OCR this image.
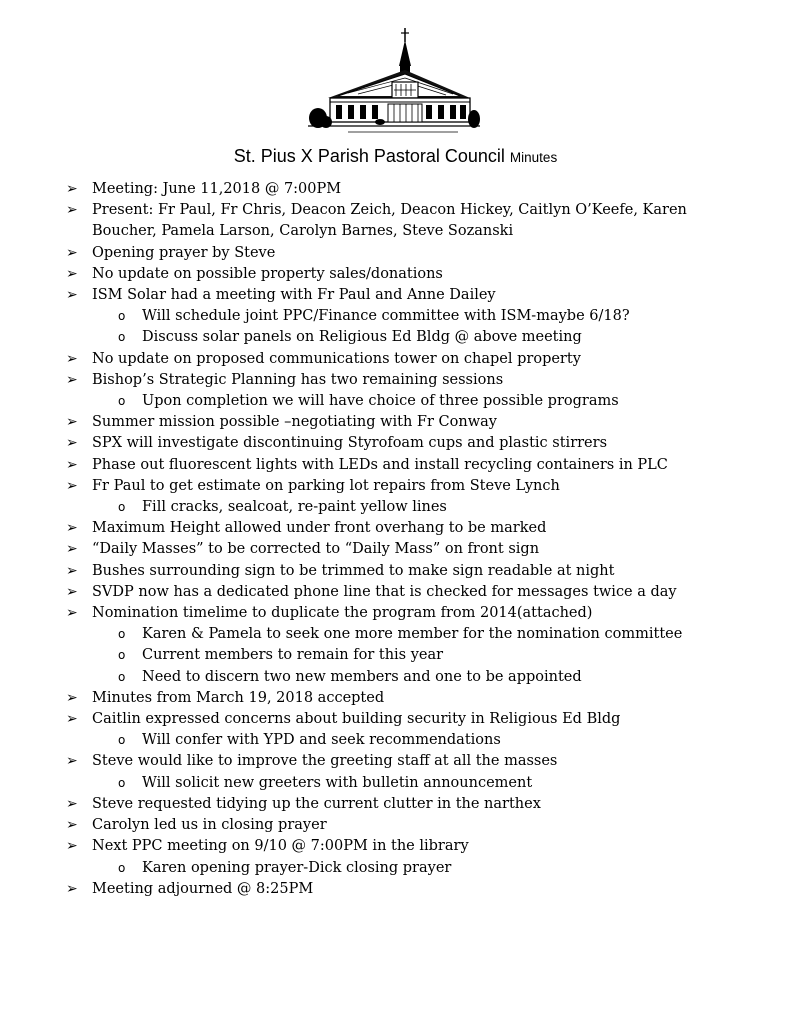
St. Pius X Parish Pastoral Council Minutes
➢ Meeting: June 11,2018 @ 7:00PM
➢ Present: Fr Paul, Fr Chris, Deacon Zeich, Deacon Hickey, Caitlyn O’Keefe, Karen Boucher, Pamela Larson, Carolyn Barnes, Steve Sozanski
➢ Opening prayer by Steve
➢ No update on possible property sales/donations
➢ ISM Solar had a meeting with Fr Paul and Anne Dailey
o Will schedule joint PPC/Finance committee with ISM-maybe 6/18?
o Discuss solar panels on Religious Ed Bldg @ above meeting
➢ No update on proposed communications tower on chapel property
➢ Bishop’s Strategic Planning has two remaining sessions
o Upon completion we will have choice of three possible programs
➢ Summer mission possible –negotiating with Fr Conway
➢ SPX will investigate discontinuing Styrofoam cups and plastic stirrers
➢ Phase out fluorescent lights with LEDs and install recycling containers in PLC
➢ Fr Paul to get estimate on parking lot repairs from Steve Lynch
o Fill cracks, sealcoat, re-paint yellow lines
➢ Maximum Height allowed under front overhang to be marked
➢ “Daily Masses” to be corrected to “Daily Mass” on front sign
➢ Bushes surrounding sign to be trimmed to make sign readable at night
➢ SVDP now has a dedicated phone line that is checked for messages twice a day
➢ Nomination timelime to duplicate the program from 2014(attached)
o Karen & Pamela to seek one more member for the nomination committee
o Current members to remain for this year
o Need to discern two new members and one to be appointed
➢ Minutes from March 19, 2018 accepted
➢ Caitlin expressed concerns about building security in Religious Ed Bldg
o Will confer with YPD and seek recommendations
➢ Steve would like to improve the greeting staff at all the masses
o Will solicit new greeters with bulletin announcement
➢ Steve requested tidying up the current clutter in the narthex
➢ Carolyn led us in closing prayer
➢ Next PPC meeting on 9/10 @ 7:00PM in the library
o Karen opening prayer-Dick closing prayer
➢ Meeting adjourned @ 8:25PM
